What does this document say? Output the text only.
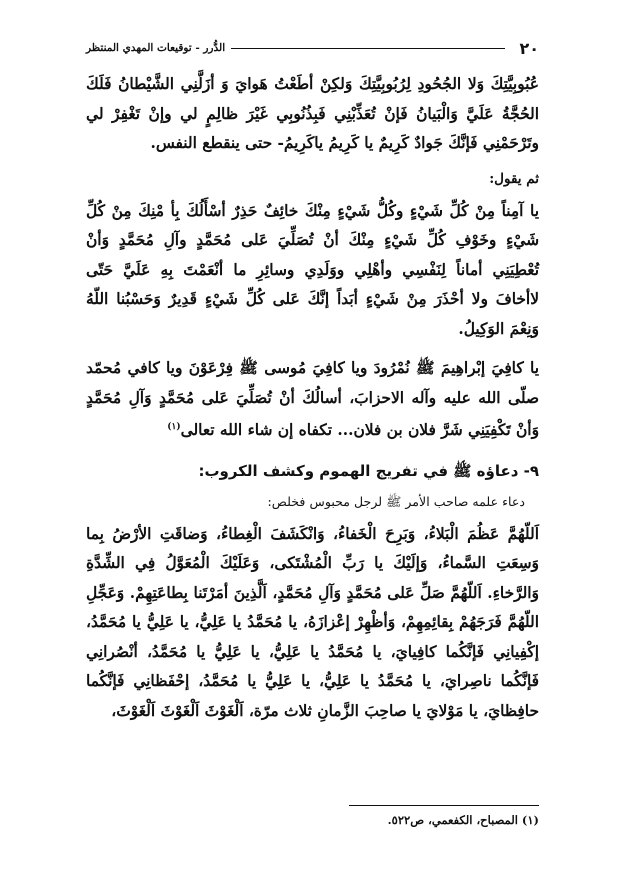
٢٠
الدُّرر - توقيعات المهدي المنتظر

عُبُوبِيَّتِكَ وَلا الجُحُودِ لِرُبُوبِيَّتِكَ وَلكِنْ أطَعْتُ هَوايَ وَ أزَلَّنِي الشَّيْطانُ فَلَكَ الحُجَّةُ عَلَيَّ وَالْبَيانُ فَإنْ تُعَذِّبْنِي فَبِذُنُوبِي غَيْرَ ظالِمٍ لي وإنْ تَغْفِرْ لي وتَرْحَمْنِي فَإنَّكَ جَوادٌ كَرِيمٌ يا كَرِيمُ ياكَرِيمُ- حتى ينقطع النفس.

ثم يقول:

يا آمِناً مِنْ كُلِّ شَيْءٍ وكُلُّ شَيْءٍ مِنْكَ خائِفٌ حَذِرٌ أسْأَلُكَ بِأ مْنِكَ مِنْ كُلِّ شَيْءٍ وخَوْفِ كُلِّ شَيْءٍ مِنْكَ أنْ تُصَلِّيَ عَلى مُحَمَّدٍ وآلِ مُحَمَّدٍ وَأنْ تُعْطِيَنِي أماناً لِنَفْسِي وأهْلِي ووَلَدِي وسائِرِ ما أنْعَمْتَ بِهِ عَلَيَّ حَتّى لاأخافَ ولا أحْذَرَ مِنْ شَيْءٍ أبَداً إنَّكَ عَلى كُلِّ شَيْءٍ قَدِيرٌ وَحَسْبُنا اللّهُ وَنِعْمَ الوَكِيلُ.

يا كافِيَ إبْراهِيمَ ﷺ نُمْرُودَ ويا كافِيَ مُوسى ﷺ فِرْعَوْنَ ويا كافي مُحمّد صلّى الله عليه وآله الاحزابَ، أسالُكَ أنْ تُصَلِّيَ عَلى مُحَمَّدٍ وَآلِ مُحَمَّدٍ وَأنْ تَكْفِيَنِي شَرَّ فلان بن فلان... تكفاه إن شاء الله تعالى$^{(١)}$

٩- دعاؤه ﷺ في تفريج الهموم وكشف الكروب:

دعاء علمه صاحب الأمر ﷺ لرجل محبوس فخلص:

اَللّهُمَّ عَظُمَ الْبَلاءُ، وَبَرِحَ الْخَفاءُ، وَانْكَشَفَ الْغِطاءُ، وَضاقَتِ الأرْضُ بِما وَسِعَتِ السَّماءُ، وَإلَيْكَ يا رَبِّ الْمُشْتَكى، وَعَلَيْكَ الْمُعَوَّلُ فِي الشِّدَّةِ وَالرَّخاءِ. اَللّهُمَّ صَلِّ عَلى مُحَمَّدٍ وَآلِ مُحَمَّدٍ، اَلَّذِينَ أمَرْتَنا بِطاعَتِهِمْ. وَعَجِّلِ اللّهُمَّ فَرَجَهُمْ بِقائِمِهِمْ، وَأظْهِرْ إعْزازَهُ، يا مُحَمَّدُ يا عَلِيُّ، يا عَلِيُّ يا مُحَمَّدُ، إكْفِيانِي فَإنَّكُما كافِيايَ، يا مُحَمَّدُ يا عَلِيُّ، يا عَلِيُّ يا مُحَمَّدُ، أنْصُرانِي فَإنَّكُما ناصِرايَ، يا مُحَمَّدُ يا عَلِيُّ، يا عَلِيُّ يا مُحَمَّدُ، إحْفَظانِي فَإنَّكُما حافِظايَ، يا مَوْلايَ يا صاحِبَ الزَّمانِ ثلاث مرّة، اَلْغَوْثَ اَلْغَوْثَ اَلْغَوْثَ،

(١) المصباح، الكفعمي، ص٥٢٢.
